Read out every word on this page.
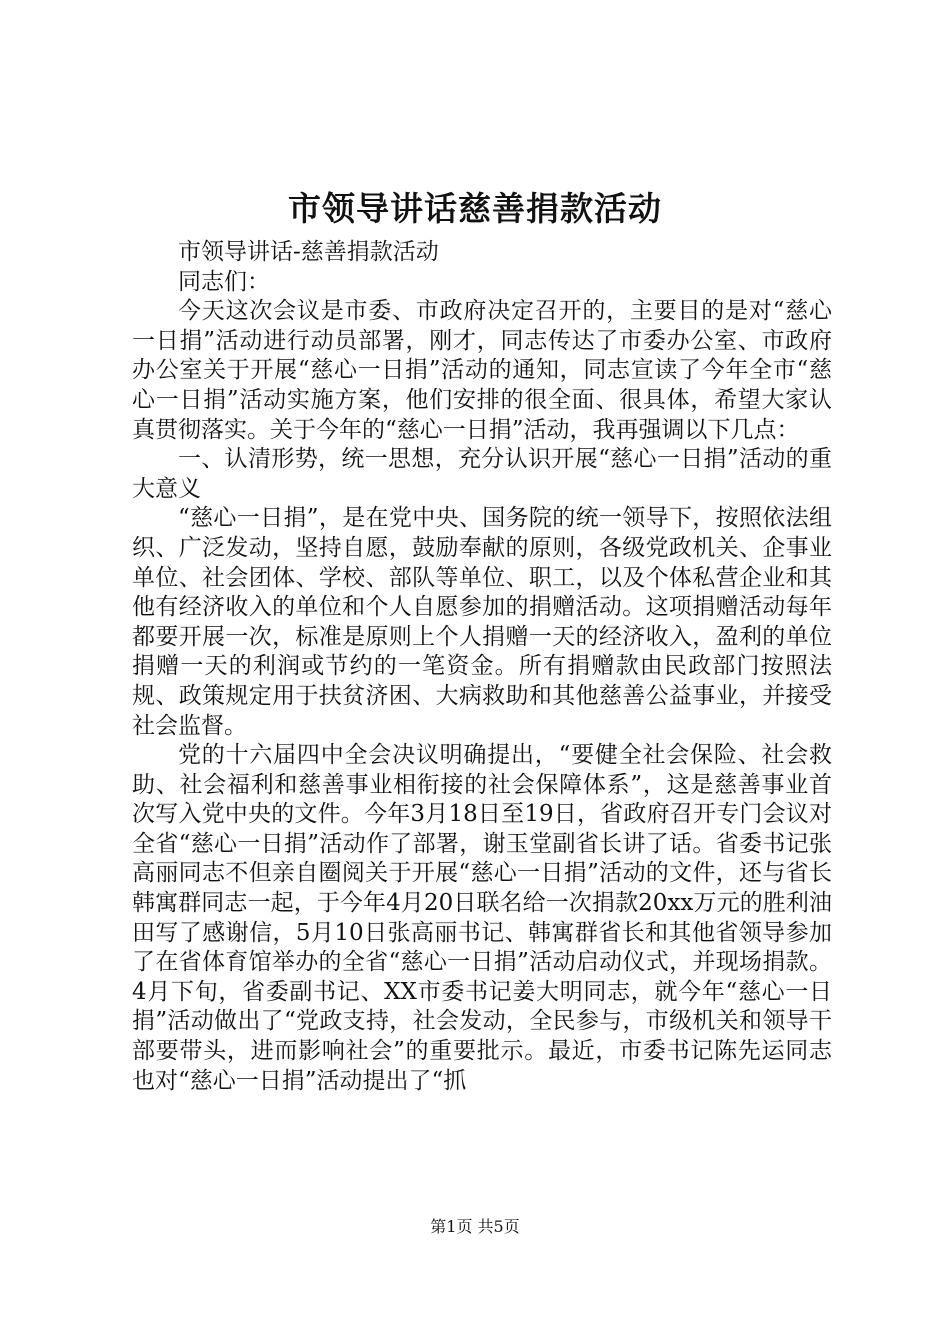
市领导讲话慈善捐款活动

市领导讲话-慈善捐款活动

同志们：

今天这次会议是市委、市政府决定召开的，主要目的是对“慈心一日捐”活动进行动员部署，刚才，同志传达了市委办公室、市政府办公室关于开展“慈心一日捐”活动的通知，同志宣读了今年全市“慈心一日捐”活动实施方案，他们安排的很全面、很具体，希望大家认真贯彻落实。关于今年的“慈心一日捐”活动，我再强调以下几点：

一、认清形势，统一思想，充分认识开展“慈心一日捐”活动的重大意义

“慈心一日捐”，是在党中央、国务院的统一领导下，按照依法组织、广泛发动，坚持自愿，鼓励奉献的原则，各级党政机关、企事业单位、社会团体、学校、部队等单位、职工，以及个体私营企业和其他有经济收入的单位和个人自愿参加的捐赠活动。这项捐赠活动每年都要开展一次，标准是原则上个人捐赠一天的经济收入，盈利的单位捐赠一天的利润或节约的一笔资金。所有捐赠款由民政部门按照法规、政策规定用于扶贫济困、大病救助和其他慈善公益事业，并接受社会监督。

党的十六届四中全会决议明确提出，“要健全社会保险、社会救助、社会福利和慈善事业相衔接的社会保障体系”，这是慈善事业首次写入党中央的文件。今年3月18日至19日，省政府召开专门会议对全省“慈心一日捐”活动作了部署，谢玉堂副省长讲了话。省委书记张高丽同志不但亲自圈阅关于开展“慈心一日捐”活动的文件，还与省长韩寓群同志一起，于今年4月20日联名给一次捐款20xx万元的胜利油田写了感谢信，5月10日张高丽书记、韩寓群省长和其他省领导参加了在省体育馆举办的全省“慈心一日捐”活动启动仪式，并现场捐款。4月下旬，省委副书记、XX市委书记姜大明同志，就今年“慈心一日捐”活动做出了“党政支持，社会发动，全民参与，市级机关和领导干部要带头，进而影响社会”的重要批示。最近，市委书记陈先运同志也对“慈心一日捐”活动提出了“抓

第1页 共5页
